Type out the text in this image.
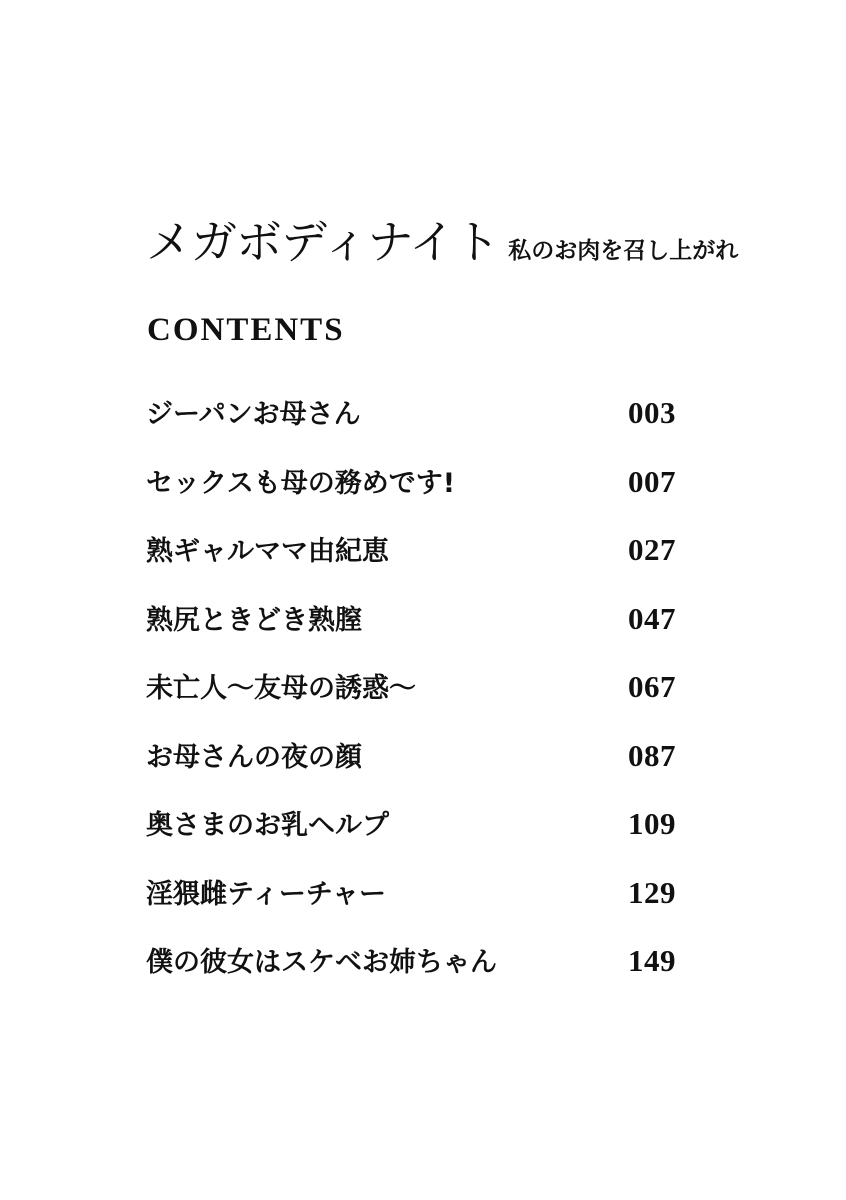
メガボディナイト 私のお肉を召し上がれ
CONTENTS
ジーパンお母さん	003
セックスも母の務めです!	007
熟ギャルママ由紀恵	027
熟尻ときどき熟膣	047
未亡人〜友母の誘惑〜	067
お母さんの夜の顔	087
奥さまのお乳ヘルプ	109
淫猥雌ティーチャー	129
僕の彼女はスケベお姉ちゃん	149
